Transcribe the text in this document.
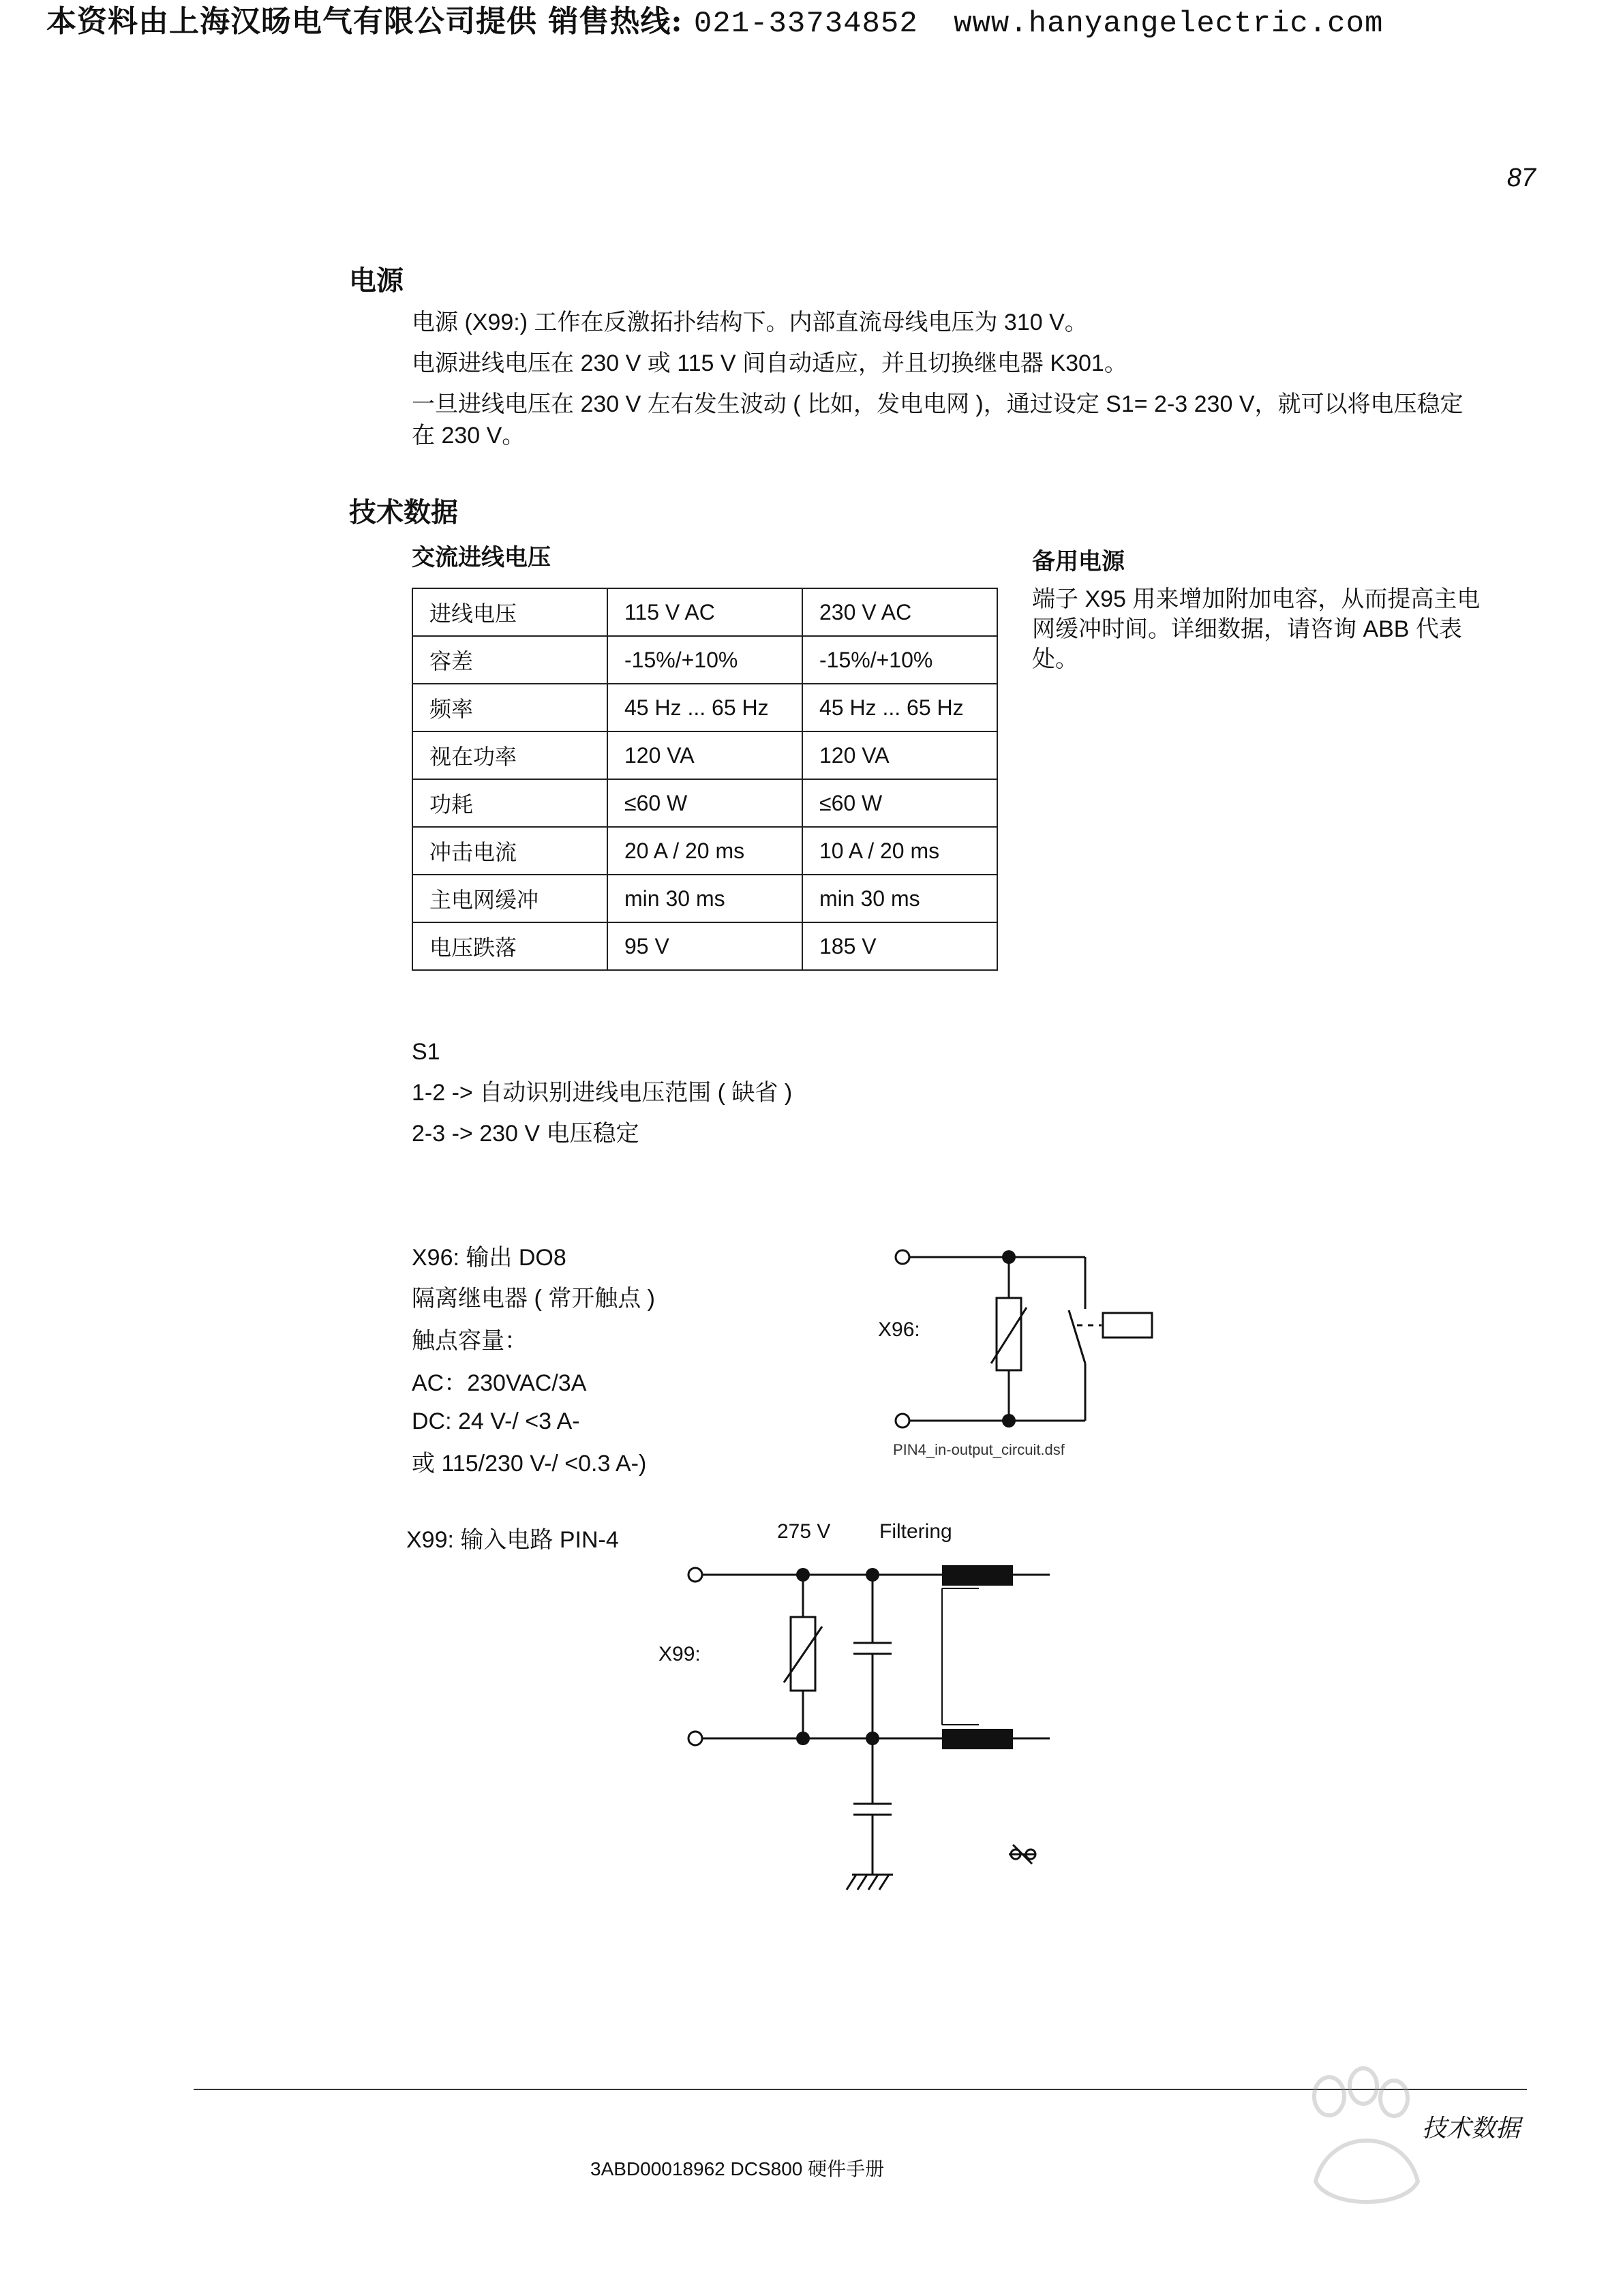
本资料由上海汉旸电气有限公司提供 销售热线: 021-33734852 www.hanyangelectric.com
87
电源
电源 (X99:) 工作在反激拓扑结构下。内部直流母线电压为 310 V。
电源进线电压在 230 V 或 115 V 间自动适应，并且切换继电器 K301。
一旦进线电压在 230 V 左右发生波动 ( 比如，发电电网 )，通过设定 S1= 2-3 230 V，就可以将电压稳定
在 230 V。
技术数据
交流进线电压
进线电压	115 V AC	230 V AC
容差	-15%/+10%	-15%/+10%
频率	45 Hz ... 65 Hz	45 Hz ... 65 Hz
视在功率	120 VA	120 VA
功耗	≤60 W	≤60 W
冲击电流	20 A / 20 ms	10 A / 20 ms
主电网缓冲	min 30 ms	min 30 ms
电压跌落	95 V	185 V
备用电源
端子 X95 用来增加附加电容，从而提高主电
网缓冲时间。详细数据，请咨询 ABB 代表
处。
S1
1-2 -> 自动识别进线电压范围 ( 缺省 )
2-3 -> 230 V 电压稳定
X96: 输出 DO8
隔离继电器 ( 常开触点 )
触点容量：
AC：230VAC/3A
DC: 24 V-/ <3 A-
或 115/230 V-/ <0.3 A-)
X96:
PIN4_in-output_circuit.dsf
X99: 输入电路 PIN-4	275 V Filtering
X99:
技术数据
3ABD00018962 DCS800 硬件手册
